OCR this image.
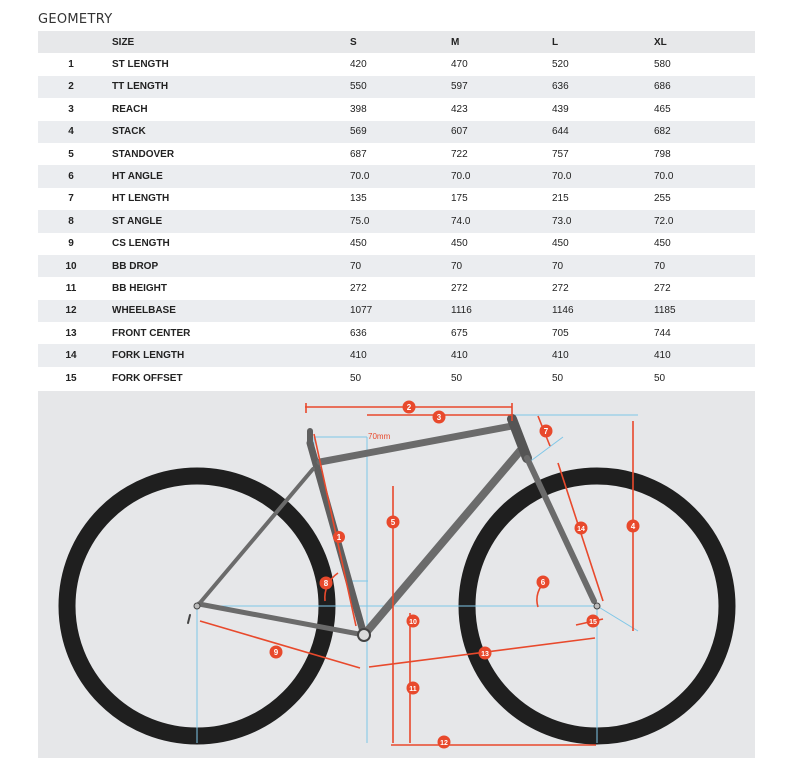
GEOMETRY
	SIZE	S	M	L	XL
1	ST LENGTH	420	470	520	580
2	TT LENGTH	550	597	636	686
3	REACH	398	423	439	465
4	STACK	569	607	644	682
5	STANDOVER	687	722	757	798
6	HT ANGLE	70.0	70.0	70.0	70.0
7	HT LENGTH	135	175	215	255
8	ST ANGLE	75.0	74.0	73.0	72.0
9	CS LENGTH	450	450	450	450
10	BB DROP	70	70	70	70
11	BB HEIGHT	272	272	272	272
12	WHEELBASE	1077	1116	1146	1185
13	FRONT CENTER	636	675	705	744
14	FORK LENGTH	410	410	410	410
15	FORK OFFSET	50	50	50	50
70mm
1
2
3
4
5
6
7
8
9
10
11
12
13
14
15
